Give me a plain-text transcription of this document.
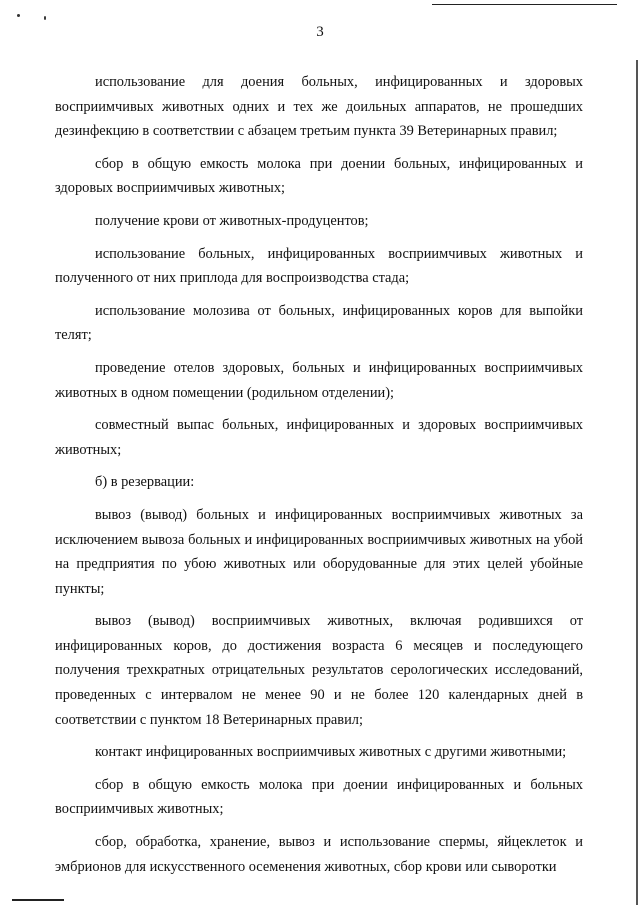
3

использование для доения больных, инфицированных и здоровых восприимчивых животных одних и тех же доильных аппаратов, не прошедших дезинфекцию в соответствии с абзацем третьим пункта 39 Ветеринарных правил;

сбор в общую емкость молока при доении больных, инфицированных и здоровых восприимчивых животных;

получение крови от животных-продуцентов;

использование больных, инфицированных восприимчивых животных и полученного от них приплода для воспроизводства стада;

использование молозива от больных, инфицированных коров для выпойки телят;

проведение отелов здоровых, больных и инфицированных восприимчивых животных в одном помещении (родильном отделении);

совместный выпас больных, инфицированных и здоровых восприимчивых животных;

б) в резервации:

вывоз (вывод) больных и инфицированных восприимчивых животных за исключением вывоза больных и инфицированных восприимчивых животных на убой на предприятия по убою животных или оборудованные для этих целей убойные пункты;

вывоз (вывод) восприимчивых животных, включая родившихся от инфицированных коров, до достижения возраста 6 месяцев и последующего получения трехкратных отрицательных результатов серологических исследований, проведенных с интервалом не менее 90 и не более 120 календарных дней в соответствии с пунктом 18 Ветеринарных правил;

контакт инфицированных восприимчивых животных с другими животными;

сбор в общую емкость молока при доении инфицированных и больных восприимчивых животных;

сбор, обработка, хранение, вывоз и использование спермы, яйцеклеток и эмбрионов для искусственного осеменения животных, сбор крови или сыворотки
